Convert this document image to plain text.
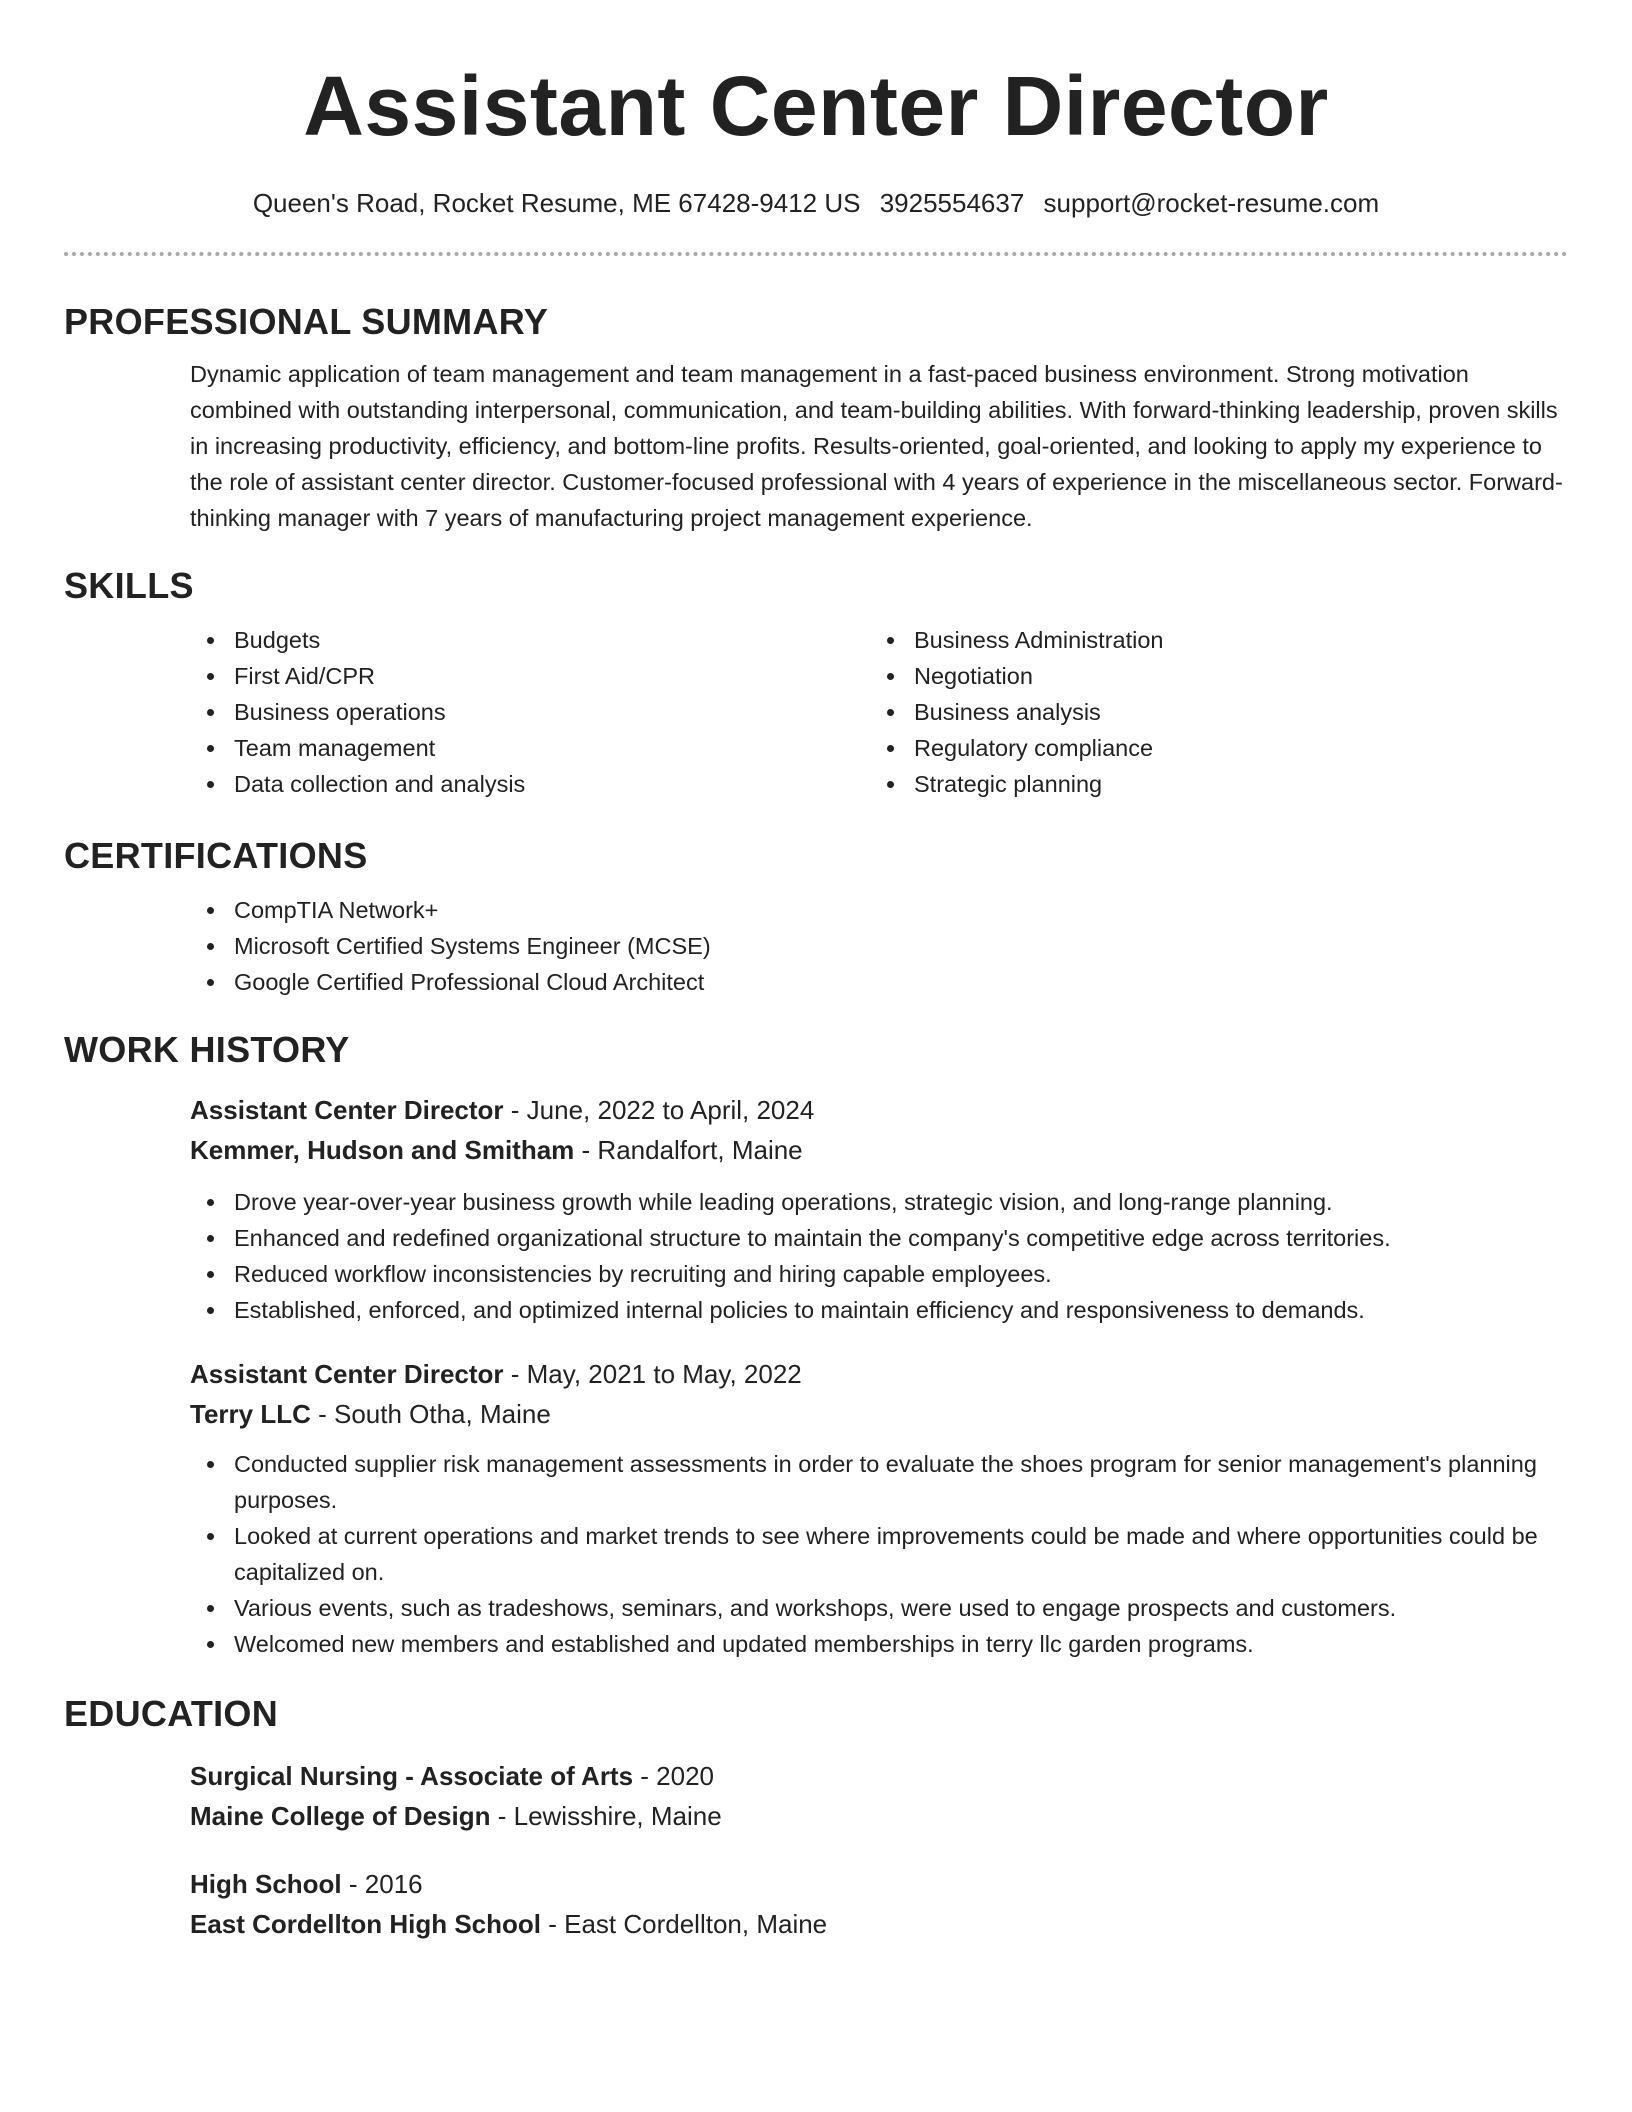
Assistant Center Director
Queen's Road, Rocket Resume, ME 67428-9412 US 3925554637 support@rocket-resume.com
PROFESSIONAL SUMMARY

Dynamic application of team management and team management in a fast-paced business environment. Strong motivation combined with outstanding interpersonal, communication, and team-building abilities. With forward-thinking leadership, proven skills in increasing productivity, efficiency, and bottom-line profits. Results-oriented, goal-oriented, and looking to apply my experience to the role of assistant center director. Customer-focused professional with 4 years of experience in the miscellaneous sector. Forward-thinking manager with 7 years of manufacturing project management experience.

SKILLS
Budgets
First Aid/CPR
Business operations
Team management
Data collection and analysis
Business Administration
Negotiation
Business analysis
Regulatory compliance
Strategic planning
CERTIFICATIONS
CompTIA Network+
Microsoft Certified Systems Engineer (MCSE)
Google Certified Professional Cloud Architect
WORK HISTORY
Assistant Center Director - June, 2022 to April, 2024
Kemmer, Hudson and Smitham - Randalfort, Maine
Drove year-over-year business growth while leading operations, strategic vision, and long-range planning.
Enhanced and redefined organizational structure to maintain the company's competitive edge across territories.
Reduced workflow inconsistencies by recruiting and hiring capable employees.
Established, enforced, and optimized internal policies to maintain efficiency and responsiveness to demands.
Assistant Center Director - May, 2021 to May, 2022
Terry LLC - South Otha, Maine
Conducted supplier risk management assessments in order to evaluate the shoes program for senior management's planning purposes.
Looked at current operations and market trends to see where improvements could be made and where opportunities could be capitalized on.
Various events, such as tradeshows, seminars, and workshops, were used to engage prospects and customers.
Welcomed new members and established and updated memberships in terry llc garden programs.
EDUCATION
Surgical Nursing - Associate of Arts - 2020
Maine College of Design - Lewisshire, Maine
High School - 2016
East Cordellton High School - East Cordellton, Maine
